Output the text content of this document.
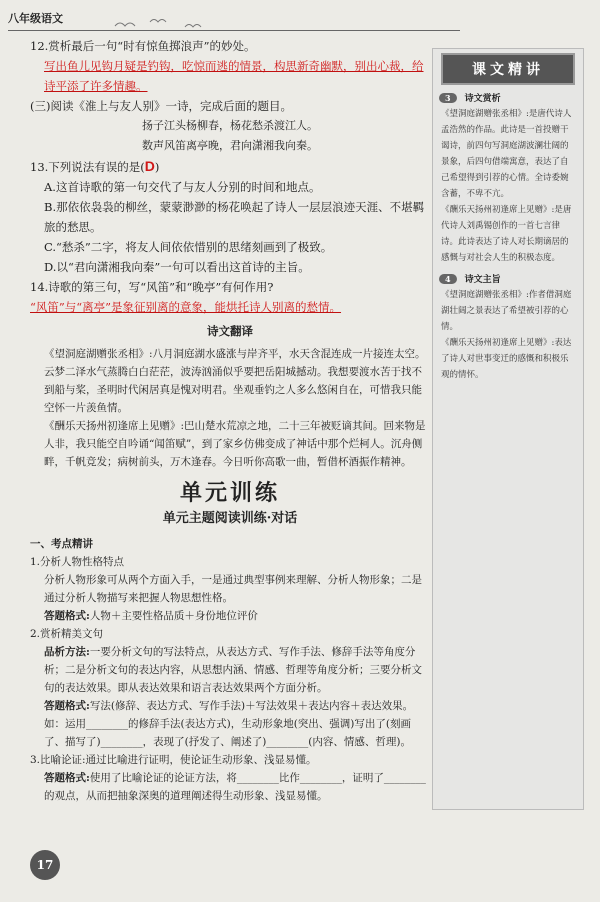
八年级语文

12.赏析最后一句“时有惊鱼掷浪声”的妙处。

写出鱼儿见钩月疑是钓钩，吃惊而逃的情景，构思新奇幽默，别出心裁，给诗平添了许多情趣。

(三)阅读《淮上与友人别》一诗，完成后面的题目。

扬子江头杨柳春，杨花愁杀渡江人。

数声风笛离亭晚，君向潇湘我向秦。

13.下列说法有误的是(D)

A.这首诗歌的第一句交代了与友人分别的时间和地点。

B.那依依袅袅的柳丝，蒙蒙渺渺的杨花唤起了诗人一层层浪迹天涯、不堪羁旅的愁思。

C.“愁杀”二字，将友人间依依惜别的思绪刻画到了极致。

D.以“君向潇湘我向秦”一句可以看出这首诗的主旨。

14.诗歌的第三句，写“风笛”和“晚亭”有何作用?

“风笛”与“离亭”是象征别离的意象，能烘托诗人别离的愁情。

诗文翻译

《望洞庭湖赠张丞相》:八月洞庭湖水盛涨与岸齐平，水天含混连成一片接连太空。云梦二泽水气蒸腾白白茫茫，波涛汹涌似乎要把岳阳城撼动。我想要渡水苦于找不到船与桨，圣明时代闲居真是愧对明君。坐观垂钓之人多么悠闲自在，可惜我只能空怀一片羡鱼情。

《酬乐天扬州初逢席上见赠》:巴山楚水荒凉之地，二十三年被贬谪其间。回来物是人非，我只能空自吟诵“闻笛赋”，到了家乡仿佛变成了神话中那个烂柯人。沉舟侧畔，千帆竞发；病树前头，万木逢春。今日听你高歌一曲，暂借杯酒振作精神。

单元训练
单元主题阅读训练·对话

一、考点精讲

1.分析人物性格特点

分析人物形象可从两个方面入手，一是通过典型事例来理解、分析人物形象；二是通过分析人物描写来把握人物思想性格。

答题格式:人物＋主要性格品质＋身份地位评价

2.赏析精美文句

品析方法:一要分析文句的写法特点，从表达方式、写作手法、修辞手法等角度分析；二是分析文句的表达内容，从思想内涵、情感、哲理等角度分析；三要分析文句的表达效果。即从表达效果和语言表达效果两个方面分析。

答题格式:写法(修辞、表达方式、写作手法)＋写法效果＋表达内容＋表达效果。如：运用________的修辞手法(表达方式)，生动形象地(突出、强调)写出了(刻画了、描写了)________，表现了(抒发了、阐述了)________(内容、情感、哲理)。

3.比喻论证:通过比喻进行证明，使论证生动形象、浅显易懂。

答题格式:使用了比喻论证的论证方法，将________比作________，证明了________的观点，从而把抽象深奥的道理阐述得生动形象、浅显易懂。

课文精讲
3	诗文赏析

《望洞庭湖赠张丞相》:是唐代诗人孟浩然的作品。此诗是一首投赠干谒诗，前四句写洞庭湖波澜壮阔的景象，后四句借端寓意，表达了自己希望得到引荐的心情。全诗委婉含蓄，不卑不亢。

《酬乐天扬州初逢席上见赠》:是唐代诗人刘禹锡创作的一首七言律诗。此诗表达了诗人对长期谪居的感慨与对社会人生的积极态度。

4	诗文主旨

《望洞庭湖赠张丞相》:作者借洞庭湖壮阔之景表达了希望被引荐的心情。

《酬乐天扬州初逢席上见赠》:表达了诗人对世事变迁的感慨和积极乐观的情怀。

17
